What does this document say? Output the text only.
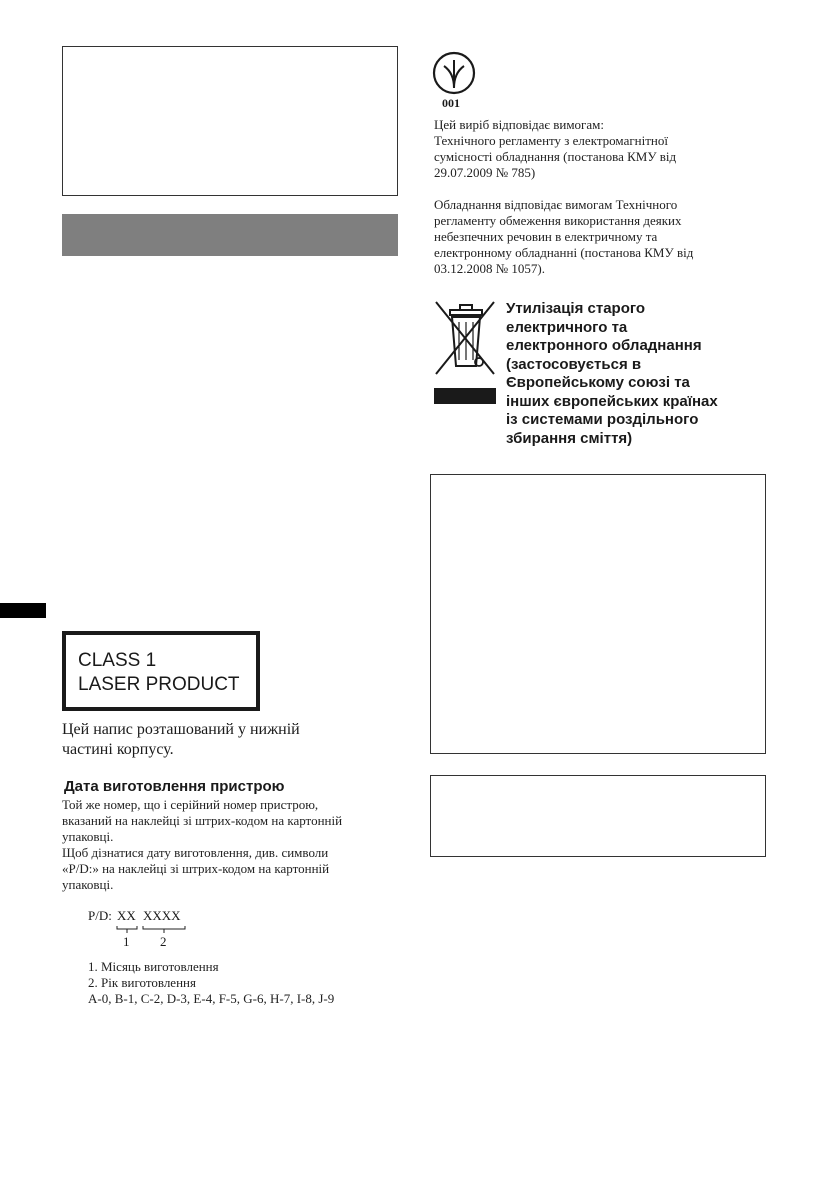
CLASS 1
LASER PRODUCT
Цей напис розташований у нижній
частині корпусу.
Дата виготовлення пристрою
Той же номер, що і серійний номер пристрою,
вказаний на наклейці зі штрих-кодом на картонній
упаковці.
Щоб дізнатися дату виготовлення, див. символи
«P/D:» на наклейці зі штрих-кодом на картонній
упаковці.
P/D: XX XXXX
1 2
1. Місяць виготовлення
2. Рік виготовлення
A-0, B-1, C-2, D-3, E-4, F-5, G-6, H-7, I-8, J-9
001
Цей виріб відповідає вимогам:
Технічного регламенту з електромагнітної
сумісності обладнання (постанова КМУ від
29.07.2009 № 785)
Обладнання відповідає вимогам Технічного
регламенту обмеження використання деяких
небезпечних речовин в електричному та
електронному обладнанні (постанова КМУ від
03.12.2008 № 1057).
Утилізація старого
електричного та
електронного обладнання
(застосовується в
Європейському союзі та
інших європейських країнах
із системами роздільного
збирання сміття)
